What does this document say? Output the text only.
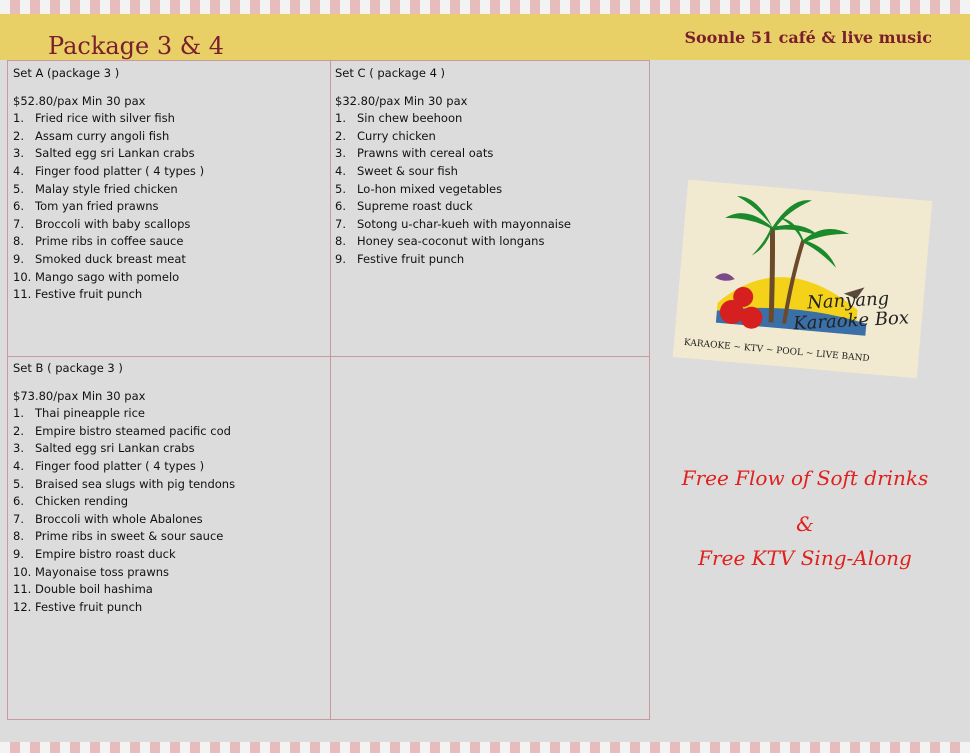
Package 3 & 4	Soonle 51 café & live music

Set A (package 3 )

$52.80/pax Min 30 pax

1. Fried rice with silver fish
2. Assam curry angoli fish
3. Salted egg sri Lankan crabs
4. Finger food platter ( 4 types )
5. Malay style fried chicken
6. Tom yan fried prawns
7. Broccoli with baby scallops
8. Prime ribs in coffee sauce
9. Smoked duck breast meat
10. Mango sago with pomelo
11. Festive fruit punch

Set C ( package 4 )

$32.80/pax Min 30 pax

1. Sin chew beehoon
2. Curry chicken
3. Prawns with cereal oats
4. Sweet & sour fish
5. Lo-hon mixed vegetables
6. Supreme roast duck
7. Sotong u-char-kueh with mayonnaise
8. Honey sea-coconut with longans
9. Festive fruit punch

Set B ( package 3 )

$73.80/pax Min 30 pax

1. Thai pineapple rice
2. Empire bistro steamed pacific cod
3. Salted egg sri Lankan crabs
4. Finger food platter ( 4 types )
5. Braised sea slugs with pig tendons
6. Chicken rending
7. Broccoli with whole Abalones
8. Prime ribs in sweet & sour sauce
9. Empire bistro roast duck
10. Mayonaise toss prawns
11. Double boil hashima
12. Festive fruit punch
Nanyang
Karaoke Box
KARAOKE ~ KTV ~ POOL ~ LIVE BAND
Free Flow of Soft drinks
&
Free KTV Sing-Along
